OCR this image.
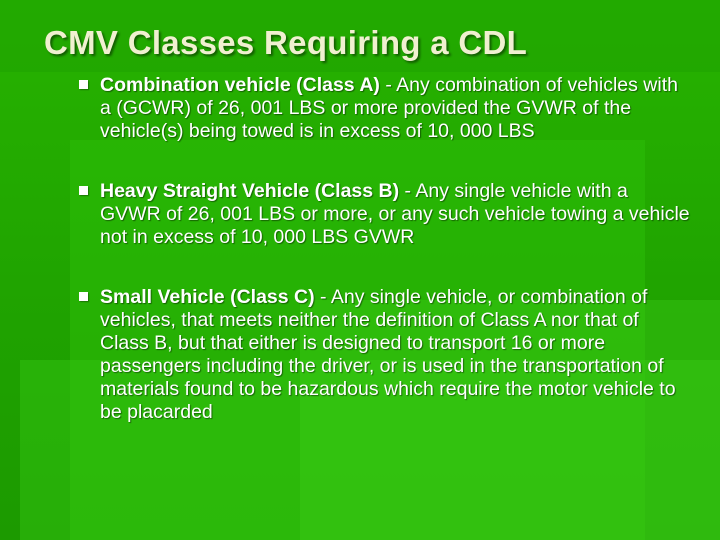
CMV Classes Requiring a CDL
Combination vehicle (Class A) - Any combination of vehicles with a (GCWR) of 26, 001 LBS or more provided the GVWR of the vehicle(s) being towed is in excess of 10, 000 LBS
Heavy Straight Vehicle (Class B) - Any single vehicle with a GVWR of 26, 001 LBS or more, or any such vehicle towing a vehicle not in excess of 10, 000 LBS GVWR
Small Vehicle (Class C) - Any single vehicle, or combination of vehicles, that meets neither the definition of Class A nor that of Class B, but that either is designed to transport 16 or more passengers including the driver, or is used in the transportation of materials found to be hazardous which require the motor vehicle to be placarded
